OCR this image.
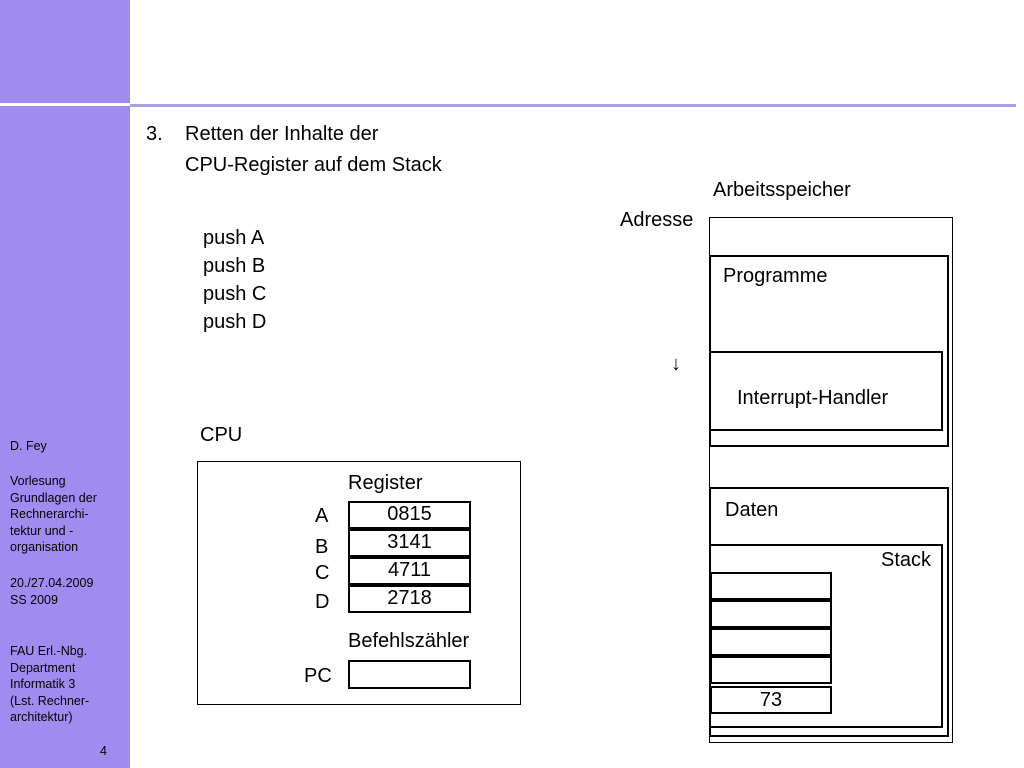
D. Fey
Vorlesung
Grundlagen der
Rechnerarchi-
tektur und -
organisation
20./27.04.2009
SS 2009
FAU Erl.-Nbg.
Department
Informatik 3
(Lst. Rechner-
architektur)
4
3. Retten der Inhalte der
CPU-Register auf dem Stack
push A
push B
push C
push D
CPU
Register
A
B
C
D
0815
3141
4711
2718
Befehlszähler
PC
Arbeitsspeicher
Adresse
↓
Programme
Interrupt-Handler
Daten
Stack
73
